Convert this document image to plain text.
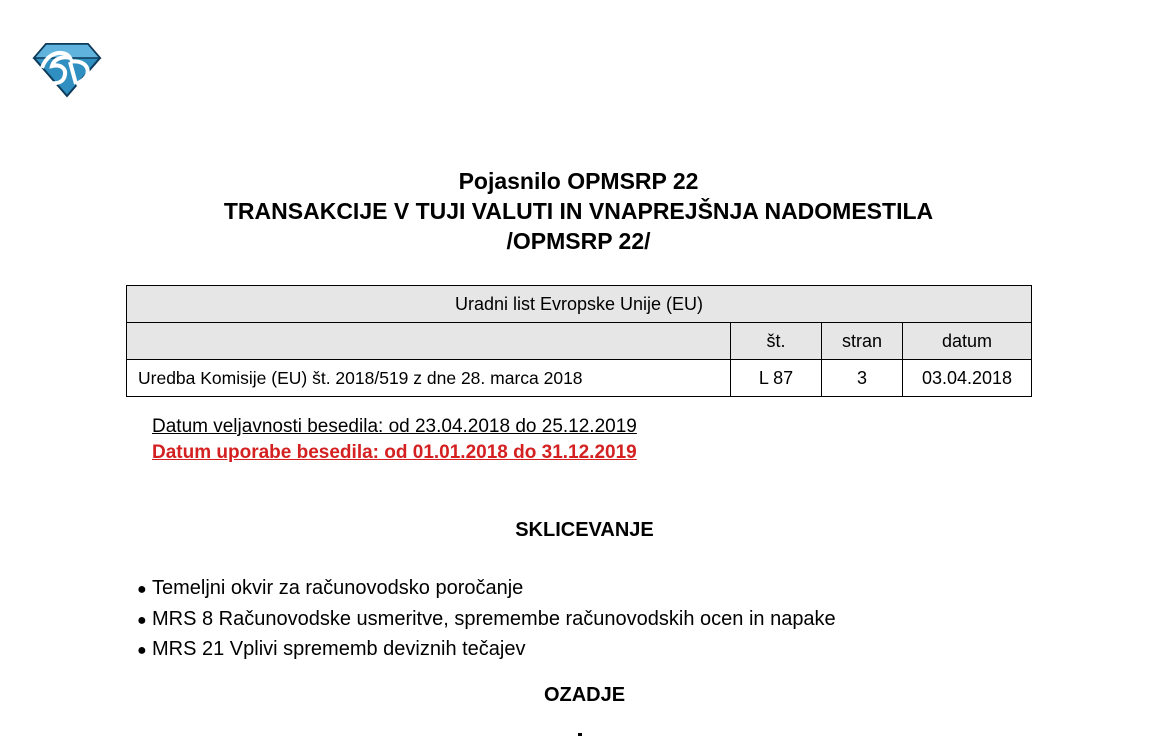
Pojasnilo OPMSRP 22
TRANSAKCIJE V TUJI VALUTI IN VNAPREJŠNJA NADOMESTILA
/OPMSRP 22/
Uradni list Evropske Unije (EU)			
	št.	stran	datum
Uredba Komisije (EU) št. 2018/519 z dne 28. marca 2018	L 87	3	03.04.2018
Datum veljavnosti besedila: od 23.04.2018 do 25.12.2019
Datum uporabe besedila: od 01.01.2018 do 31.12.2019
SKLICEVANJE
● Temeljni okvir za računovodsko poročanje
● MRS 8 Računovodske usmeritve, spremembe računovodskih ocen in napake
● MRS 21 Vplivi sprememb deviznih tečajev
OZADJE
